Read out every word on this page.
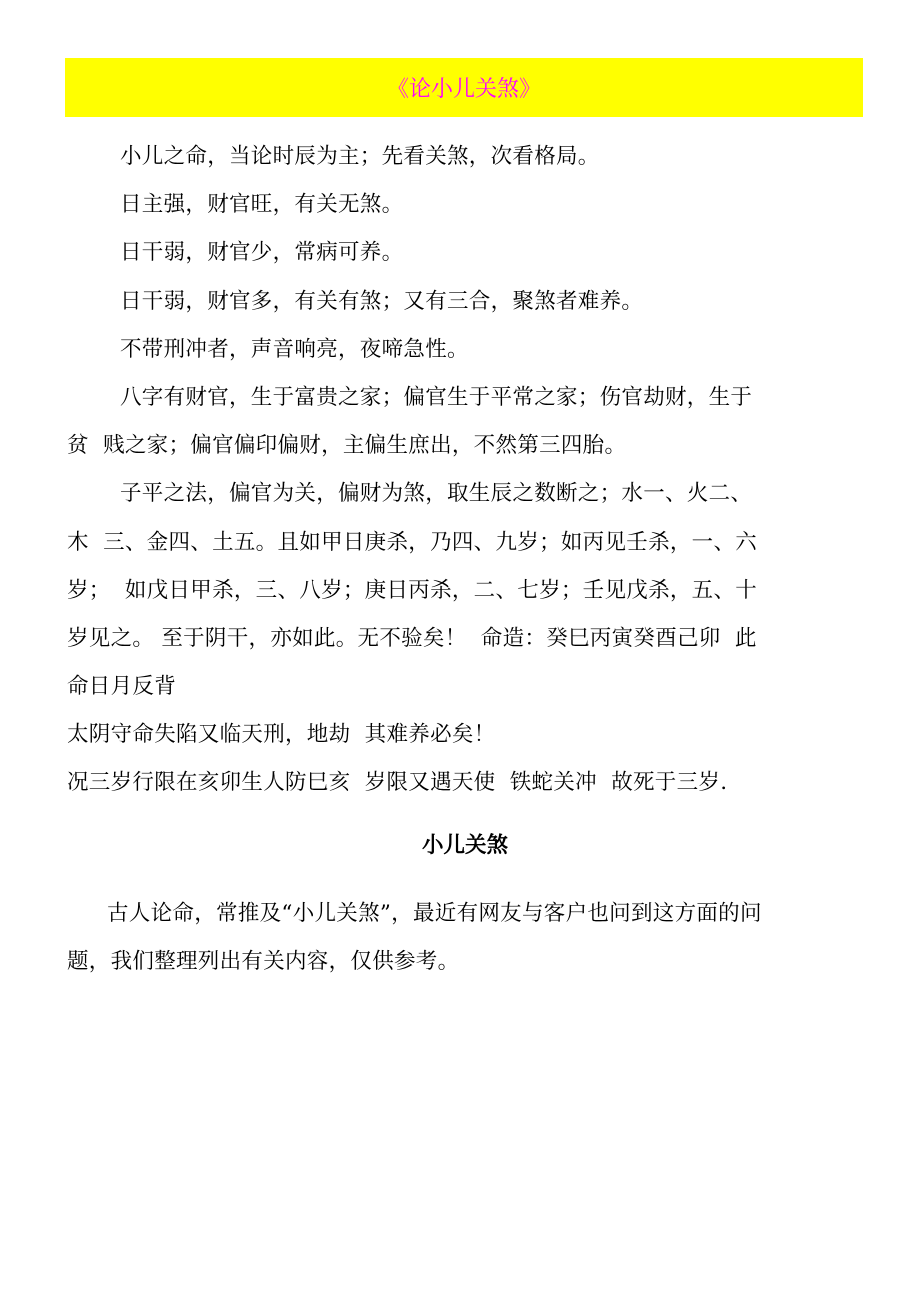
《论小儿关煞》
小儿之命，当论时辰为主；先看关煞，次看格局。
日主强，财官旺，有关无煞。
日干弱，财官少，常病可养。
日干弱，财官多，有关有煞；又有三合，聚煞者难养。
不带刑冲者，声音响亮，夜啼急性。
八字有财官，生于富贵之家；偏官生于平常之家；伤官劫财，生于
贫  贱之家；偏官偏印偏财，主偏生庶出，不然第三四胎。
子平之法，偏官为关，偏财为煞，取生辰之数断之；水一、火二、
木  三、金四、土五。且如甲日庚杀，乃四、九岁；如丙见壬杀，一、六
岁；  如戊日甲杀，三、八岁；庚日丙杀，二、七岁；壬见戊杀，五、十
岁见之。 至于阴干，亦如此。无不验矣！  命造：癸巳丙寅癸酉己卯  此
命日月反背
太阴守命失陷又临天刑，地劫  其难养必矣！
况三岁行限在亥卯生人防巳亥  岁限又遇天使  铁蛇关冲  故死于三岁.
小儿关煞
古人论命，常推及“小儿关煞”，最近有网友与客户也问到这方面的问
题，我们整理列出有关内容，仅供参考。
